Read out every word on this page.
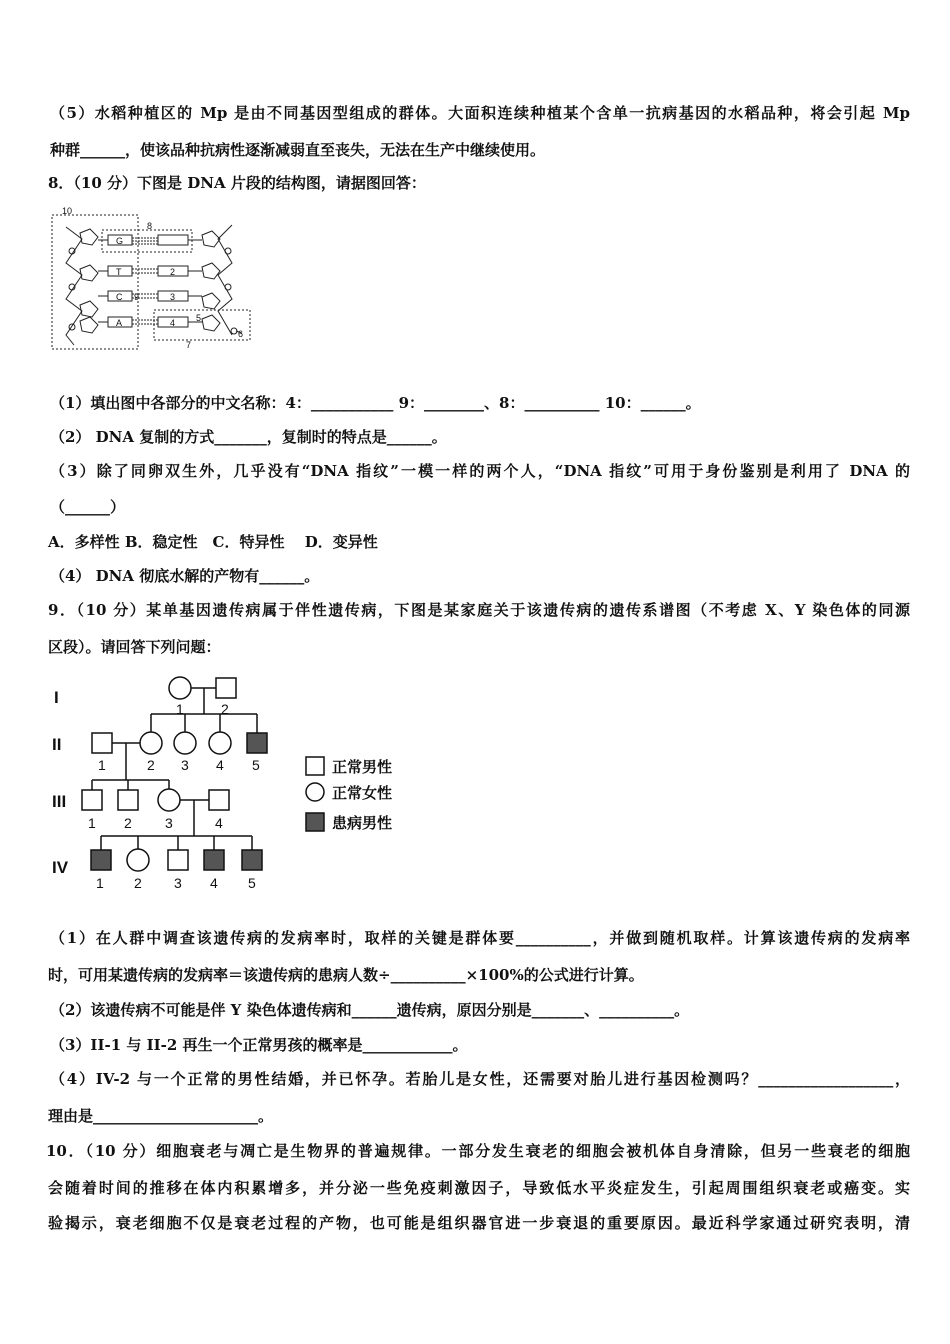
（5）水稻种植区的 Mp 是由不同基因型组成的群体。大面积连续种植某个含单一抗病基因的水稻品种，将会引起 Mp
种群______，使该品种抗病性逐渐减弱直至丧失，无法在生产中继续使用。
8．（10 分）下图是 DNA 片段的结构图，请据图回答：
10
8
9
5
6
7
G
T
C
A
2
3
4
（1）填出图中各部分的中文名称：4：___________ 9：________、8：__________ 10：______。
（2） DNA 复制的方式_______，复制时的特点是______。
（3）除了同卵双生外，几乎没有“DNA 指纹”一模一样的两个人，“DNA 指纹”可用于身份鉴别是利用了 DNA 的
（______）
A．多样性 B．稳定性　C．特异性　 D．变异性
（4） DNA 彻底水解的产物有______。
9．（10 分）某单基因遗传病属于伴性遗传病，下图是某家庭关于该遗传病的遗传系谱图（不考虑 X、Y 染色体的同源
区段）。请回答下列问题：
I
II
III
IV
1	2
1	2 3 4 5
1 2 3	4
1 2 3 4 5
正常男性
正常女性
患病男性
（1）在人群中调查该遗传病的发病率时，取样的关键是群体要__________，并做到随机取样。计算该遗传病的发病率
时，可用某遗传病的发病率＝该遗传病的患病人数÷__________×100%的公式进行计算。
（2）该遗传病不可能是伴 Y 染色体遗传病和______遗传病，原因分别是_______、__________。
（3）II-1 与 II-2 再生一个正常男孩的概率是____________。
（4）IV-2 与一个正常的男性结婚，并已怀孕。若胎儿是女性，还需要对胎儿进行基因检测吗？__________________，
理由是______________________。
10．（10 分）细胞衰老与凋亡是生物界的普遍规律。一部分发生衰老的细胞会被机体自身清除，但另一些衰老的细胞
会随着时间的推移在体内积累增多，并分泌一些免疫刺激因子，导致低水平炎症发生，引起周围组织衰老或癌变。实
验揭示，衰老细胞不仅是衰老过程的产物，也可能是组织器官进一步衰退的重要原因。最近科学家通过研究表明，清
